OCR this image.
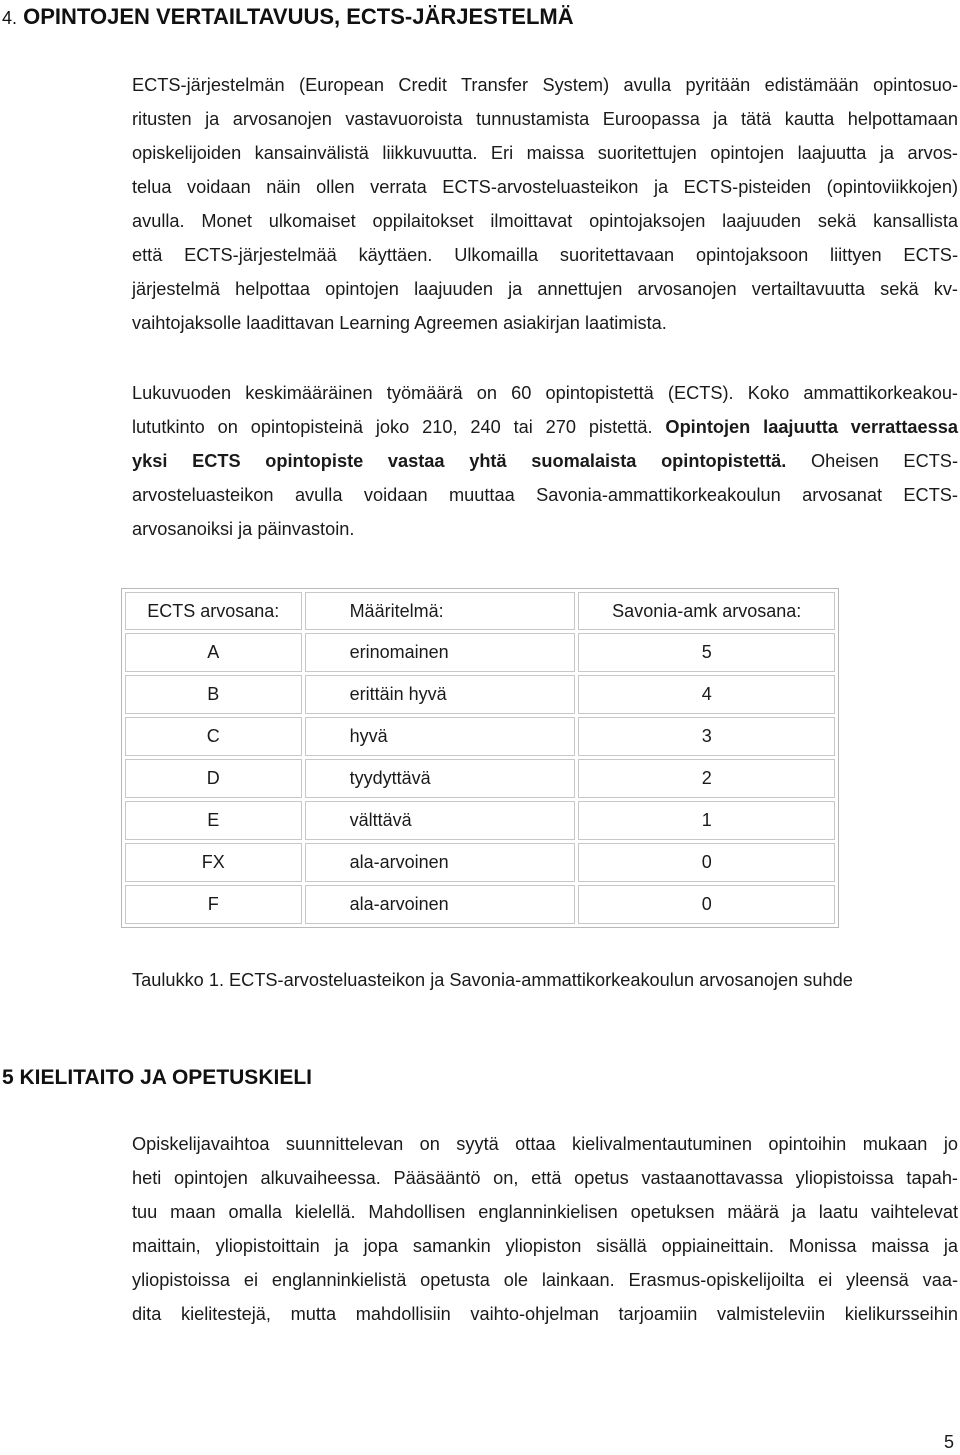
4. OPINTOJEN VERTAILTAVUUS, ECTS-JÄRJESTELMÄ
ECTS-järjestelmän (European Credit Transfer System) avulla pyritään edistämään opintosuo-
ritusten ja arvosanojen vastavuoroista tunnustamista Euroopassa ja tätä kautta helpottamaan
opiskelijoiden kansainvälistä liikkuvuutta. Eri maissa suoritettujen opintojen laajuutta ja arvos-
telua voidaan näin ollen verrata ECTS-arvosteluasteikon ja ECTS-pisteiden (opintoviikkojen)
avulla. Monet ulkomaiset oppilaitokset ilmoittavat opintojaksojen laajuuden sekä kansallista
että ECTS-järjestelmää käyttäen. Ulkomailla suoritettavaan opintojaksoon liittyen ECTS-
järjestelmä helpottaa opintojen laajuuden ja annettujen arvosanojen vertailtavuutta sekä kv-
vaihtojaksolle laadittavan Learning Agreemen asiakirjan laatimista.
Lukuvuoden keskimääräinen työmäärä on 60 opintopistettä (ECTS). Koko ammattikorkeakou-
lututkinto on opintopisteinä joko 210, 240 tai 270 pistettä. Opintojen laajuutta verrattaessa
yksi ECTS opintopiste vastaa yhtä suomalaista opintopistettä. Oheisen ECTS-
arvosteluasteikon avulla voidaan muuttaa Savonia-ammattikorkeakoulun arvosanat ECTS-
arvosanoiksi ja päinvastoin.
ECTS arvosana:	Määritelmä:	Savonia-amk arvosana:
A	erinomainen	5
B	erittäin hyvä	4
C	hyvä	3
D	tyydyttävä	2
E	välttävä	1
FX	ala-arvoinen	0
F	ala-arvoinen	0

Taulukko 1. ECTS-arvosteluasteikon ja Savonia-ammattikorkeakoulun arvosanojen suhde

5 KIELITAITO JA OPETUSKIELI
Opiskelijavaihtoa suunnittelevan on syytä ottaa kielivalmentautuminen opintoihin mukaan jo
heti opintojen alkuvaiheessa. Pääsääntö on, että opetus vastaanottavassa yliopistoissa tapah-
tuu maan omalla kielellä. Mahdollisen englanninkielisen opetuksen määrä ja laatu vaihtelevat
maittain, yliopistoittain ja jopa samankin yliopiston sisällä oppiaineittain. Monissa maissa ja
yliopistoissa ei englanninkielistä opetusta ole lainkaan. Erasmus-opiskelijoilta ei yleensä vaa-
dita kielitestejä, mutta mahdollisiin vaihto-ohjelman tarjoamiin valmisteleviin kielikursseihin
5
